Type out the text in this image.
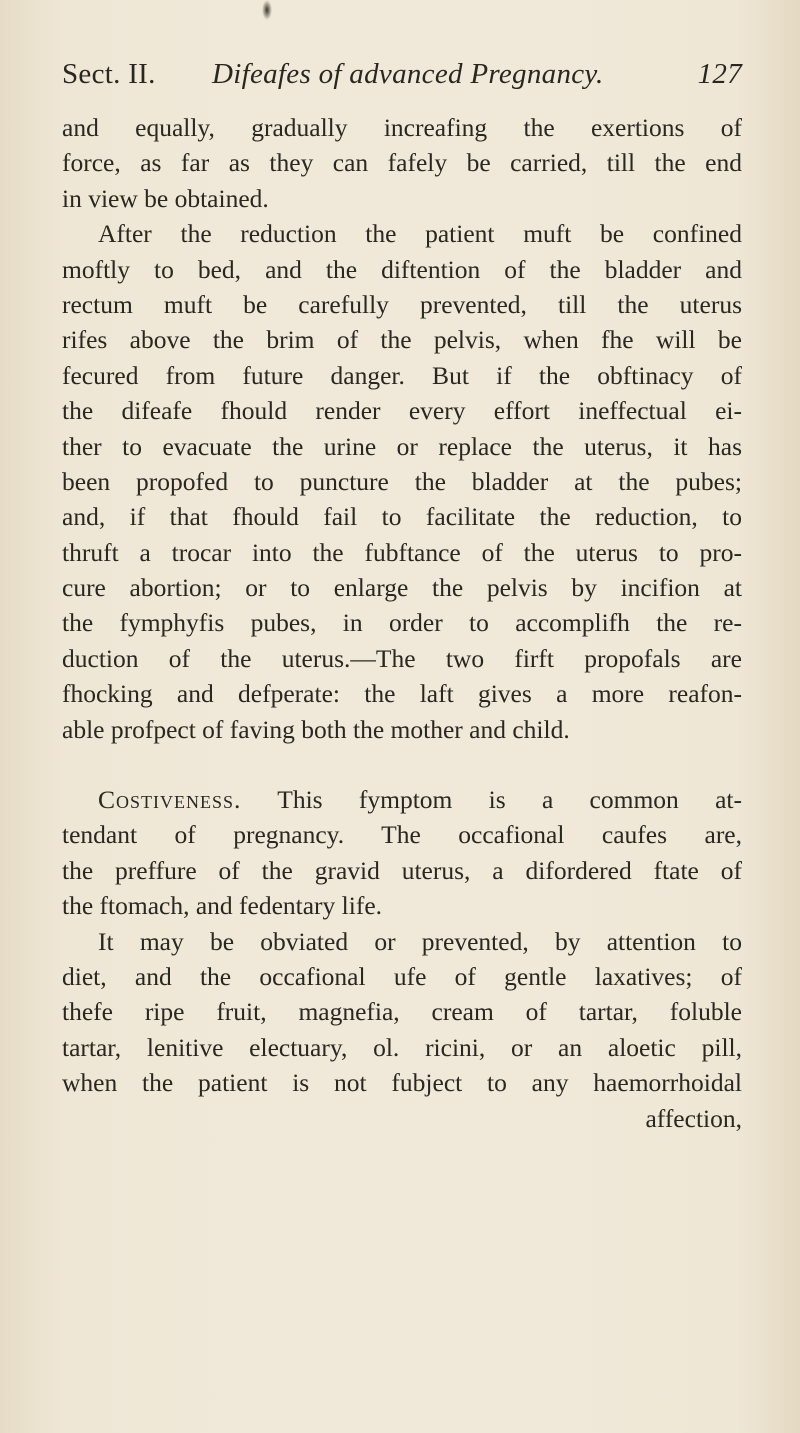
Sect. II. Difeafes of advanced Pregnancy.	127
and equally, gradually increafing the exertions of
force, as far as they can fafely be carried, till the end
in view be obtained.
After the reduction the patient muft be confined
moftly to bed, and the diftention of the bladder and
rectum muft be carefully prevented, till the uterus
rifes above the brim of the pelvis, when fhe will be
fecured from future danger. But if the obftinacy of
the difeafe fhould render every effort ineffectual ei-
ther to evacuate the urine or replace the uterus, it has
been propofed to puncture the bladder at the pubes;
and, if that fhould fail to facilitate the reduction, to
thruft a trocar into the fubftance of the uterus to pro-
cure abortion; or to enlarge the pelvis by incifion at
the fymphyfis pubes, in order to accomplifh the re-
duction of the uterus.—The two firft propofals are
fhocking and defperate: the laft gives a more reafon-
able profpect of faving both the mother and child.
Costiveness. This fymptom is a common at-
tendant of pregnancy. The occafional caufes are,
the preffure of the gravid uterus, a difordered ftate of
the ftomach, and fedentary life.
It may be obviated or prevented, by attention to
diet, and the occafional ufe of gentle laxatives; of
thefe ripe fruit, magnefia, cream of tartar, foluble
tartar, lenitive electuary, ol. ricini, or an aloetic pill,
when the patient is not fubject to any haemorrhoidal
affection,
